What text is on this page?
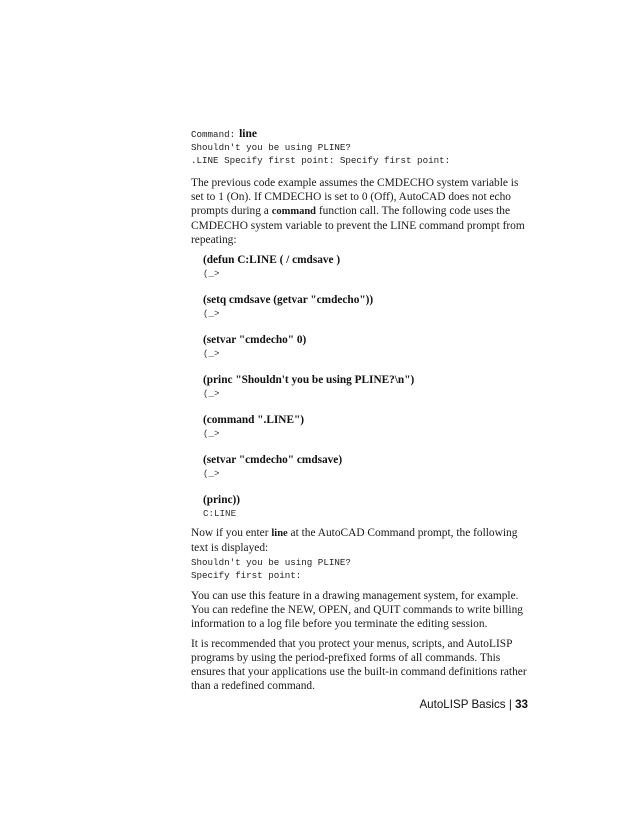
Command: line
Shouldn't you be using PLINE?
.LINE Specify first point: Specify first point:

The previous code example assumes the CMDECHO system variable is set to 1 (On). If CMDECHO is set to 0 (Off), AutoCAD does not echo prompts during a command function call. The following code uses the CMDECHO system variable to prevent the LINE command prompt from repeating:

(defun C:LINE ( / cmdsave )
(_>
(setq cmdsave (getvar "cmdecho"))
(_>
(setvar "cmdecho" 0)
(_>
(princ "Shouldn't you be using PLINE?\n")
(_>
(command ".LINE")
(_>
(setvar "cmdecho" cmdsave)
(_>
(princ))
C:LINE

Now if you enter line at the AutoCAD Command prompt, the following text is displayed:

Shouldn't you be using PLINE?
Specify first point:

You can use this feature in a drawing management system, for example. You can redefine the NEW, OPEN, and QUIT commands to write billing information to a log file before you terminate the editing session.

It is recommended that you protect your menus, scripts, and AutoLISP programs by using the period-prefixed forms of all commands. This ensures that your applications use the built-in command definitions rather than a redefined command.

AutoLISP Basics | 33
